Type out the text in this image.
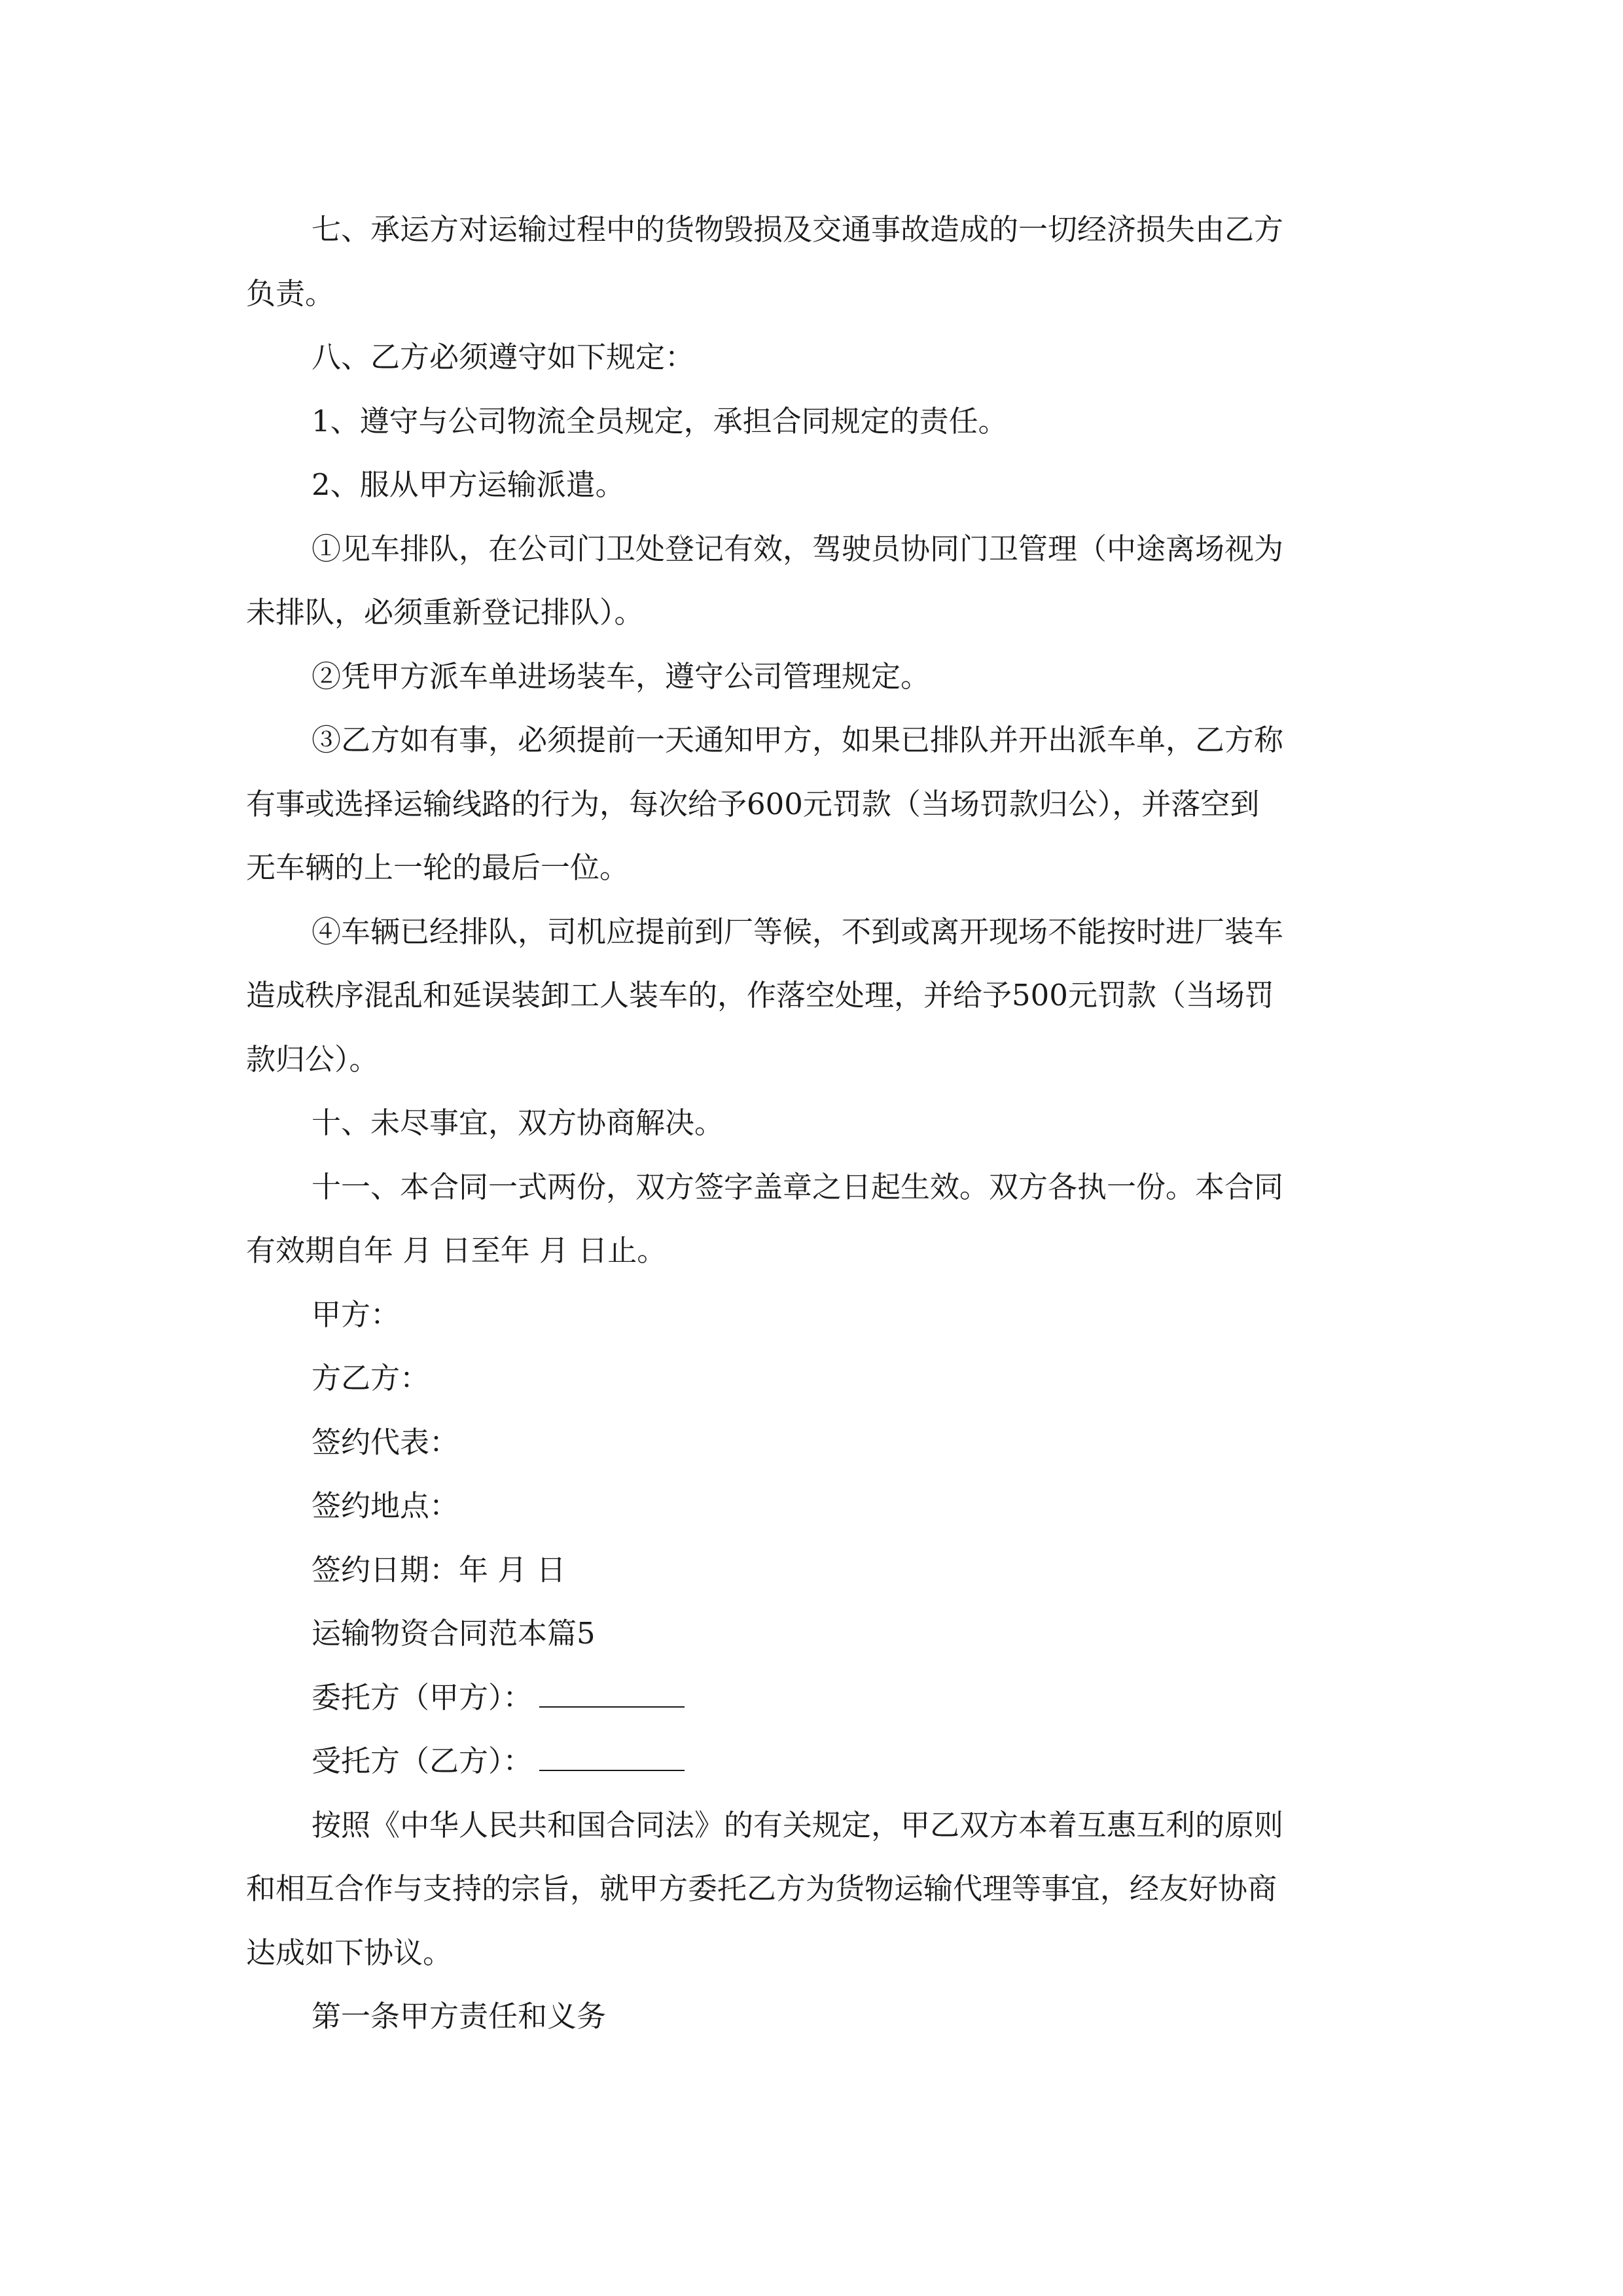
七、承运方对运输过程中的货物毁损及交通事故造成的一切经济损失由乙方
负责。
八、乙方必须遵守如下规定：
1、遵守与公司物流全员规定，承担合同规定的责任。
2、服从甲方运输派遣。
①见车排队，在公司门卫处登记有效，驾驶员协同门卫管理（中途离场视为
未排队，必须重新登记排队）。
②凭甲方派车单进场装车，遵守公司管理规定。
③乙方如有事，必须提前一天通知甲方，如果已排队并开出派车单，乙方称
有事或选择运输线路的行为，每次给予600元罚款（当场罚款归公），并落空到
无车辆的上一轮的最后一位。
④车辆已经排队，司机应提前到厂等候，不到或离开现场不能按时进厂装车
造成秩序混乱和延误装卸工人装车的，作落空处理，并给予500元罚款（当场罚
款归公）。
十、未尽事宜，双方协商解决。
十一、本合同一式两份，双方签字盖章之日起生效。双方各执一份。本合同
有效期自年 月 日至年 月 日止。
甲方：
方乙方：
签约代表：
签约地点：
签约日期：年 月 日
运输物资合同范本篇5
委托方（甲方）：
受托方（乙方）：
按照《中华人民共和国合同法》的有关规定，甲乙双方本着互惠互利的原则
和相互合作与支持的宗旨，就甲方委托乙方为货物运输代理等事宜，经友好协商
达成如下协议。
第一条甲方责任和义务
